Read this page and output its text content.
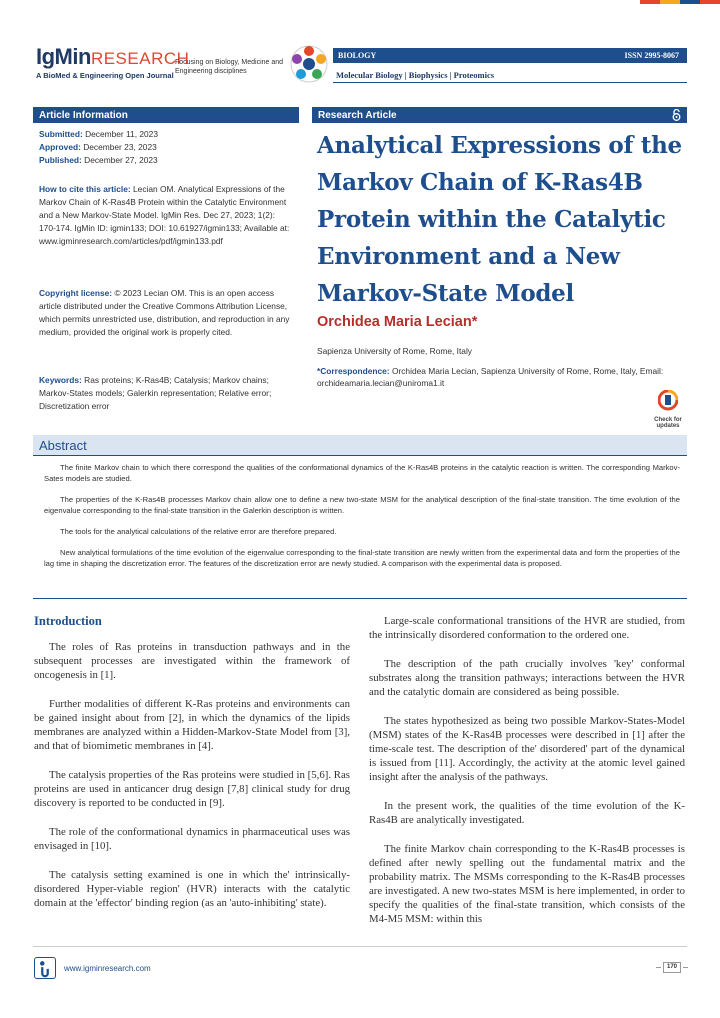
IgMinRESEARCH
A BioMed & Engineering Open Journal
Focusing on Biology, Medicine and Engineering disciplines
BIOLOGY	ISSN 2995-8067
Molecular Biology | Biophysics | Proteomics
Article Information	Research Article
Submitted: December 11, 2023
Approved: December 23, 2023
Published: December 27, 2023
How to cite this article: Lecian OM. Analytical Expressions of the Markov Chain of K-Ras4B Protein within the Catalytic Environment and a New Markov-State Model. IgMin Res. Dec 27, 2023; 1(2): 170-174. IgMin ID: igmin133; DOI: 10.61927/igmin133; Available at: www.igminresearch.com/articles/pdf/igmin133.pdf
Copyright license: © 2023 Lecian OM. This is an open access article distributed under the Creative Commons Attribution License, which permits unrestricted use, distribution, and reproduction in any medium, provided the original work is properly cited.
Keywords: Ras proteins; K-Ras4B; Catalysis; Markov chains; Markov-States models; Galerkin representation; Relative error; Discretization error
Analytical Expressions of the
Markov Chain of K-Ras4B
Protein within the Catalytic
Environment and a New
Markov-State Model
Orchidea Maria Lecian*
Sapienza University of Rome, Rome, Italy
*Correspondence: Orchidea Maria Lecian, Sapienza University of Rome, Rome, Italy, Email: orchideamaria.lecian@uniroma1.it
Check for
updates
Abstract

The finite Markov chain to which there correspond the qualities of the conformational dynamics of the K-Ras4B proteins in the catalytic reaction is written. The corresponding Markov-Sates models are studied.

The properties of the K-Ras4B processes Markov chain allow one to define a new two-state MSM for the analytical description of the final-state transition. The time evolution of the eigenvalue corresponding to the final-state transition in the Galerkin description is written.

The tools for the analytical calculations of the relative error are therefore prepared.

New analytical formulations of the time evolution of the eigenvalue corresponding to the final-state transition are newly written from the experimental data and form the properties of the lag time in shaping the discretization error. The features of the discretization error are newly studied. A comparison with the experimental data is proposed.

Introduction

The roles of Ras proteins in transduction pathways and in the subsequent processes are investigated within the framework of oncogenesis in [1].

Further modalities of different K-Ras proteins and environments can be gained insight about from [2], in which the dynamics of the lipids membranes are analyzed within a Hidden-Markov-State Model from [3], and that of biomimetic membranes in [4].

The catalysis properties of the Ras proteins were studied in [5,6]. Ras proteins are used in anticancer drug design [7,8] clinical study for drug discovery is reported to be conducted in [9].

The role of the conformational dynamics in pharmaceutical uses was envisaged in [10].

The catalysis setting examined is one in which the' intrinsically-disordered Hyper-viable region' (HVR) interacts with the catalytic domain at the 'effector' binding region (as an 'auto-inhibiting' state).

Large-scale conformational transitions of the HVR are studied, from the intrinsically disordered conformation to the ordered one.

The description of the path crucially involves 'key' conformal substrates along the transition pathways; interactions between the HVR and the catalytic domain are considered as being possible.

The states hypothesized as being two possible Markov-States-Model (MSM) states of the K-Ras4B processes were described in [1] after the time-scale test. The description of the' disordered' part of the dynamical is issued from [11]. Accordingly, the activity at the atomic level gained insight after the analysis of the pathways.

In the present work, the qualities of the time evolution of the K-Ras4B are analytically investigated.

The finite Markov chain corresponding to the K-Ras4B processes is defined after newly spelling out the fundamental matrix and the probability matrix. The MSMs corresponding to the K-Ras4B processes are investigated. A new two-states MSM is here implemented, in order to specify the qualities of the final-state transition, which consists of the M4-M5 MSM: within this

www.igminresearch.com	170
